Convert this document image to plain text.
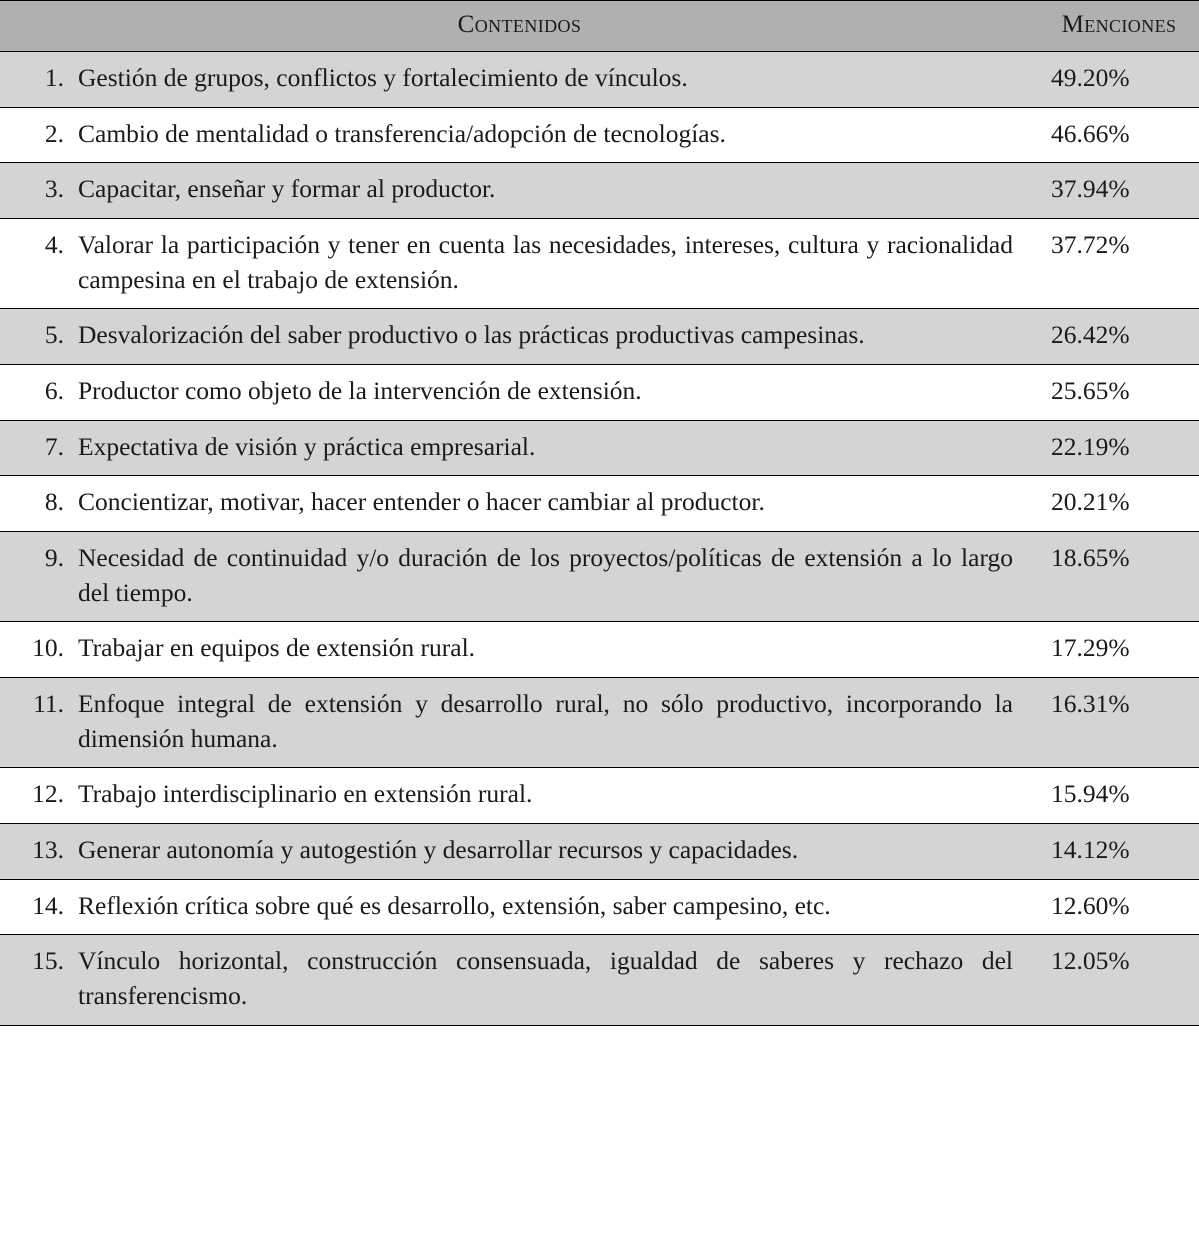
Contenidos		Menciones
1.	Gestión de grupos, conflictos y fortalecimiento de vínculos.	49.20%
2.	Cambio de mentalidad o transferencia/adopción de tecnologías.	46.66%
3.	Capacitar, enseñar y formar al productor.	37.94%
4.	Valorar la participación y tener en cuenta las necesidades, intereses, cultura y racionalidad campesina en el trabajo de extensión.	37.72%
5.	Desvalorización del saber productivo o las prácticas productivas campesinas.	26.42%
6.	Productor como objeto de la intervención de extensión.	25.65%
7.	Expectativa de visión y práctica empresarial.	22.19%
8.	Concientizar, motivar, hacer entender o hacer cambiar al productor.	20.21%
9.	Necesidad de continuidad y/o duración de los proyectos/políticas de extensión a lo largo del tiempo.	18.65%
10.	Trabajar en equipos de extensión rural.	17.29%
11.	Enfoque integral de extensión y desarrollo rural, no sólo productivo, incorporando la dimensión humana.	16.31%
12.	Trabajo interdisciplinario en extensión rural.	15.94%
13.	Generar autonomía y autogestión y desarrollar recursos y capacidades.	14.12%
14.	Reflexión crítica sobre qué es desarrollo, extensión, saber campesino, etc.	12.60%
15.	Vínculo horizontal, construcción consensuada, igualdad de saberes y rechazo del transferencismo.	12.05%
